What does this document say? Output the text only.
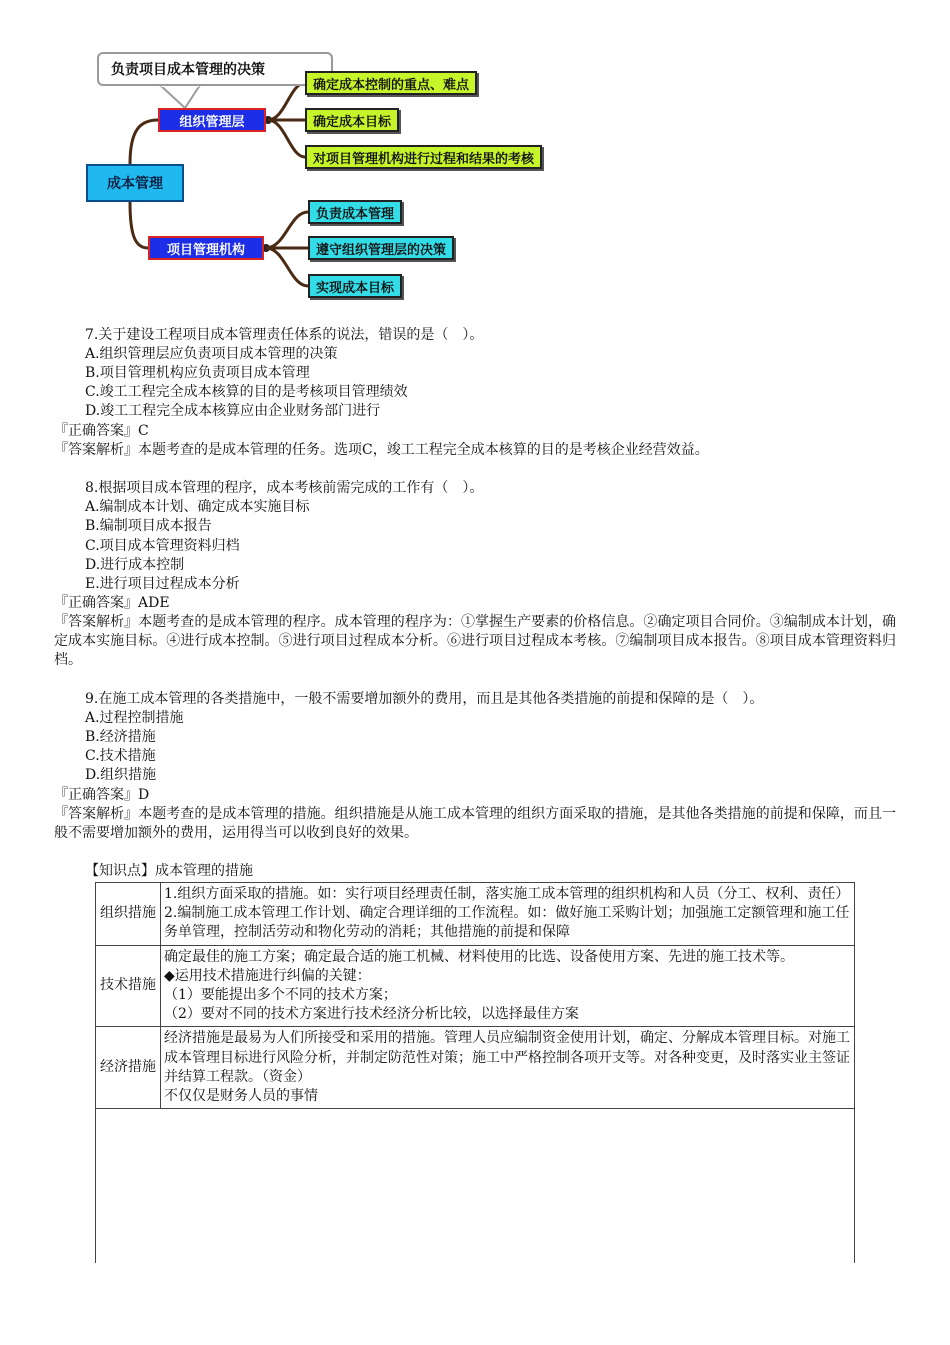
负责项目成本管理的决策
成本管理
组织管理层
项目管理机构
确定成本控制的重点、难点
确定成本目标
对项目管理机构进行过程和结果的考核
负责成本管理
遵守组织管理层的决策
实现成本目标
7.关于建设工程项目成本管理责任体系的说法，错误的是（　）。
A.组织管理层应负责项目成本管理的决策
B.项目管理机构应负责项目成本管理
C.竣工工程完全成本核算的目的是考核项目管理绩效
D.竣工工程完全成本核算应由企业财务部门进行
『正确答案』C
『答案解析』本题考查的是成本管理的任务。选项C，竣工工程完全成本核算的目的是考核企业经营效益。
8.根据项目成本管理的程序，成本考核前需完成的工作有（　）。
A.编制成本计划、确定成本实施目标
B.编制项目成本报告
C.项目成本管理资料归档
D.进行成本控制
E.进行项目过程成本分析
『正确答案』ADE
『答案解析』本题考查的是成本管理的程序。成本管理的程序为：①掌握生产要素的价格信息。②确定项目合同价。③编制成本计划，确定成本实施目标。④进行成本控制。⑤进行项目过程成本分析。⑥进行项目过程成本考核。⑦编制项目成本报告。⑧项目成本管理资料归档。
9.在施工成本管理的各类措施中，一般不需要增加额外的费用，而且是其他各类措施的前提和保障的是（　）。
A.过程控制措施
B.经济措施
C.技术措施
D.组织措施
『正确答案』D
『答案解析』本题考查的是成本管理的措施。组织措施是从施工成本管理的组织方面采取的措施，是其他各类措施的前提和保障，而且一般不需要增加额外的费用，运用得当可以收到良好的效果。
【知识点】成本管理的措施
组织措施	1.组织方面采取的措施。如：实行项目经理责任制，落实施工成本管理的组织机构和人员（分工、权利、责任）
2.编制施工成本管理工作计划、确定合理详细的工作流程。如：做好施工采购计划；加强施工定额管理和施工任务单管理，控制活劳动和物化劳动的消耗；其他措施的前提和保障

技术措施	确定最佳的施工方案；确定最合适的施工机械、材料使用的比选、设备使用方案、先进的施工技术等。
◆运用技术措施进行纠偏的关键：
（1）要能提出多个不同的技术方案；
（2）要对不同的技术方案进行技术经济分析比较，以选择最佳方案

经济措施	经济措施是最易为人们所接受和采用的措施。管理人员应编制资金使用计划，确定、分解成本管理目标。对施工成本管理目标进行风险分析，并制定防范性对策；施工中严格控制各项开支等。对各种变更，及时落实业主签证并结算工程款。（资金）
不仅仅是财务人员的事情
